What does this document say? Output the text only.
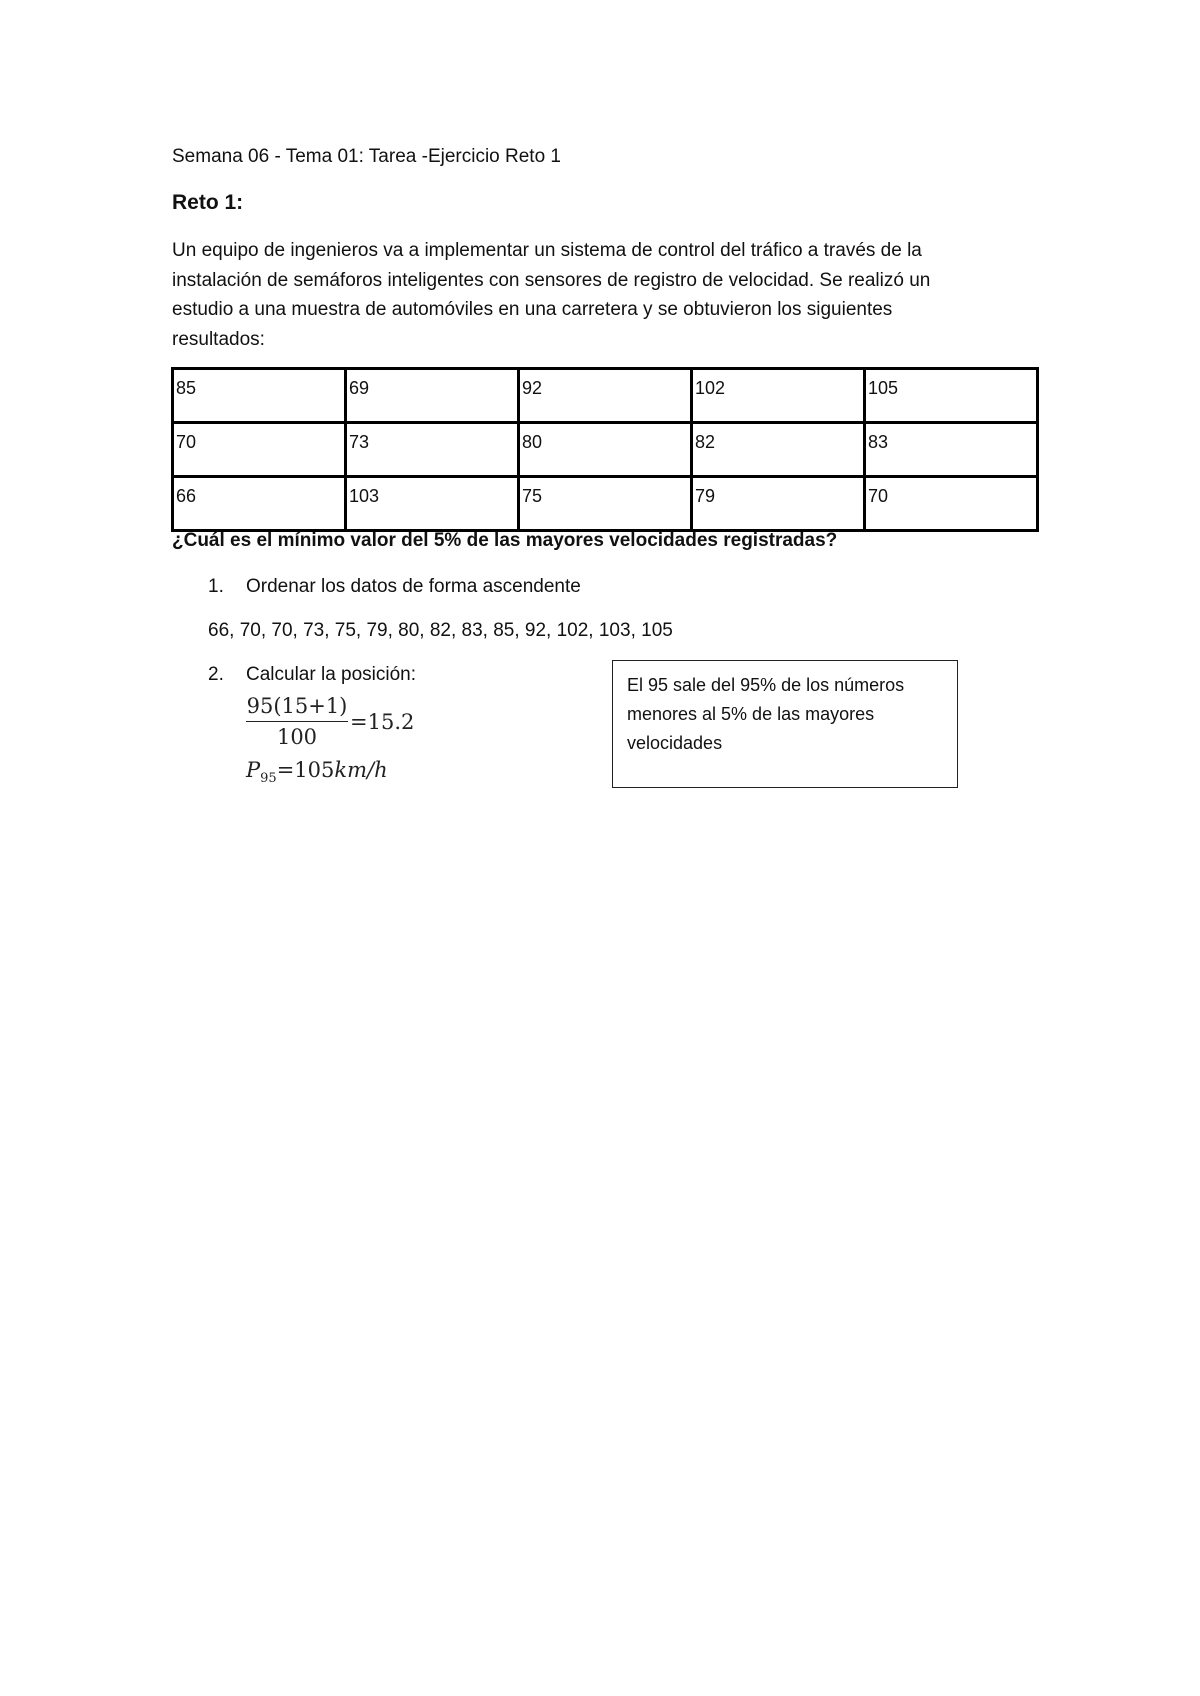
Semana 06 - Tema 01: Tarea -Ejercicio Reto 1
Reto 1:
Un equipo de ingenieros va a implementar un sistema de control del tráfico a través de la
instalación de semáforos inteligentes con sensores de registro de velocidad. Se realizó un
estudio a una muestra de automóviles en una carretera y se obtuvieron los siguientes
resultados:
85	69	92	102	105
70	73	80	82	83
66	103	75	79	70
¿Cuál es el mínimo valor del 5% de las mayores velocidades registradas?
1. Ordenar los datos de forma ascendente
66, 70, 70, 73, 75, 79, 80, 82, 83, 85, 92, 102, 103, 105
2. Calcular la posición:
95(15+1)
100
=15.2
$P_{95}=105km/h$
El 95 sale del 95% de los números
menores al 5% de las mayores
velocidades
